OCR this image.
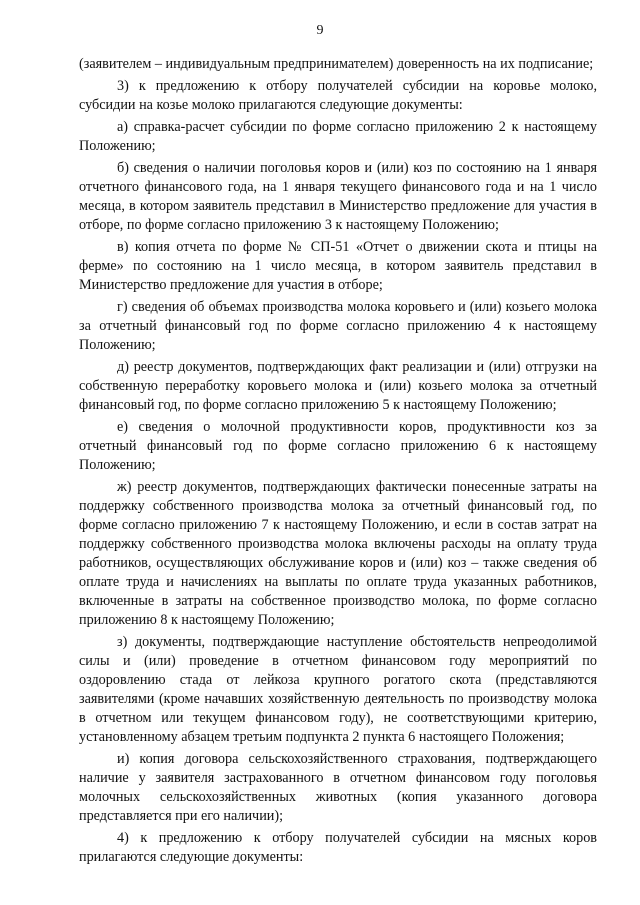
9

(заявителем – индивидуальным предпринимателем) доверенность на их подписание;

3) к предложению к отбору получателей субсидии на коровье молоко, субсидии на козье молоко прилагаются следующие документы:

а) справка-расчет субсидии по форме согласно приложению 2 к настоящему Положению;

б) сведения о наличии поголовья коров и (или) коз по состоянию на 1 января отчетного финансового года, на 1 января текущего финансового года и на 1 число месяца, в котором заявитель представил в Министерство предложение для участия в отборе, по форме согласно приложению 3 к настоящему Положению;

в) копия отчета по форме № СП-51 «Отчет о движении скота и птицы на ферме» по состоянию на 1 число месяца, в котором заявитель представил в Министерство предложение для участия в отборе;

г) сведения об объемах производства молока коровьего и (или) козьего молока за отчетный финансовый год по форме согласно приложению 4 к настоящему Положению;

д) реестр документов, подтверждающих факт реализации и (или) отгрузки на собственную переработку коровьего молока и (или) козьего молока за отчетный финансовый год, по форме согласно приложению 5 к настоящему Положению;

е) сведения о молочной продуктивности коров, продуктивности коз за отчетный финансовый год по форме согласно приложению 6 к настоящему Положению;

ж) реестр документов, подтверждающих фактически понесенные затраты на поддержку собственного производства молока за отчетный финансовый год, по форме согласно приложению 7 к настоящему Положению, и если в состав затрат на поддержку собственного производства молока включены расходы на оплату труда работников, осуществляющих обслуживание коров и (или) коз – также сведения об оплате труда и начислениях на выплаты по оплате труда указанных работников, включенные в затраты на собственное производство молока, по форме согласно приложению 8 к настоящему Положению;

з) документы, подтверждающие наступление обстоятельств непреодолимой силы и (или) проведение в отчетном финансовом году мероприятий по оздоровлению стада от лейкоза крупного рогатого скота (представляются заявителями (кроме начавших хозяйственную деятельность по производству молока в отчетном или текущем финансовом году), не соответствующими критерию, установленному абзацем третьим подпункта 2 пункта 6 настоящего Положения;

и) копия договора сельскохозяйственного страхования, подтверждающего наличие у заявителя застрахованного в отчетном финансовом году поголовья молочных сельскохозяйственных животных (копия указанного договора представляется при его наличии);

4) к предложению к отбору получателей субсидии на мясных коров прилагаются следующие документы:
